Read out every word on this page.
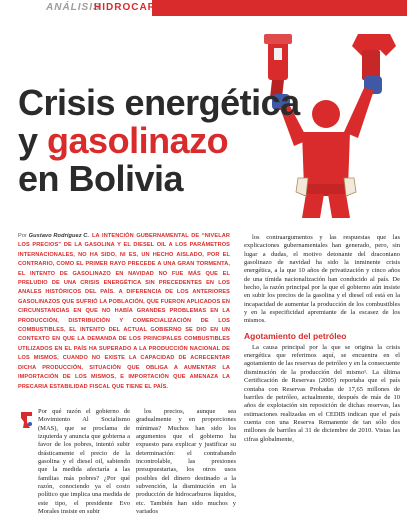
ANÁLISIS
HIDROCARBUROS
Crisis energética
y gasolinazo
en Bolivia
Por Gustavo Rodríguez C. LA INTENCIÓN GUBERNAMENTAL DE “NIVELAR LOS PRECIOS” DE LA GASOLINA Y EL DIESEL OIL A LOS PARÁMETROS INTERNACIONALES, NO HA SIDO, NI ES, UN HECHO AISLADO, POR EL CONTRARIO, COMO EL PRIMER RAYO PRECEDE A UNA GRAN TORMENTA, EL INTENTO DE GASOLINAZO EN NAVIDAD NO FUE MÁS QUE EL PRELUDIO DE UNA CRISIS ENERGÉTICA SIN PRECEDENTES EN LOS ANALES HISTÓRICOS DEL PAÍS. A DIFERENCIA DE LOS ANTERIORES GASOLINAZOS QUE SUFRIÓ LA POBLACIÓN, QUE FUERON APLICADOS EN CIRCUNSTANCIAS EN QUE NO HABÍA GRANDES PROBLEMAS EN LA PRODUCCIÓN, DISTRIBUCIÓN Y COMERCIALIZACIÓN DE LOS COMBUSTIBLES, EL INTENTO DEL ACTUAL GOBIERNO SE DIO EN UN CONTEXTO EN QUE LA DEMANDA DE LOS PRINCIPALES COMBUSTIBLES UTILIZADOS EN EL PAÍS HA SUPERADO A LA PRODUCCIÓN NACIONAL DE LOS MISMOS, CUANDO NO EXISTE LA CAPACIDAD DE ACRECENTAR DICHA PRODUCCIÓN, SITUACIÓN QUE OBLIGA A AUMENTAR LA IMPORTACIÓN DE LOS MISMOS, E IMPORTACIÓN QUE AMENAZA LA PRECARIA ESTABILIDAD FISCAL QUE TIENE EL PAÍS.

Por qué razón el gobierno de Movimiento Al Socialismo (MAS), que se proclama de izquierda y anuncia que gobierna a favor de los pobres, intentó subir drásticamente el precio de la gasolina y el diesel oil, sabiendo que la medida afectaría a las familias más pobres? ¿Por qué razón, conociendo ya el costo político que implica una medida de este tipo, el presidente Evo Morales insiste en subir

los precios, aunque sea gradualmente y en proporciones mínimas? Muchos han sido los argumentos que el gobierno ha expuesto para explicar y justificar su determinación: el contrabando incontrolable, las presiones presupuestarias, los otros usos posibles del dinero destinado a la subvención, la disminución en la producción de hidrocarburos líquidos, etc. También han sido muchos y variados

los contraargumentos y las respuestas que las explicaciones gubernamentales han generado, pero, sin lugar a dudas, el motivo detonante del draconiano gasolinazo de navidad ha sido la inminente crisis energética, a la que 10 años de privatización y cinco años de una tímida nacionalización han conducido al país. De hecho, la razón principal por la que el gobierno aún insiste en subir los precios de la gasolina y el diesel oil está en la incapacidad de aumentar la producción de los combustibles y en la especificidad apremiante de la escasez de los mismos.

Agotamiento del petróleo

La causa principal por la que se origina la crisis energética que referimos aquí, se encuentra en el agotamiento de las reservas de petróleo y en la consecuente disminución de la producción del mismo¹. La última Certificación de Reservas (2005) reportaba que el país contaba con Reservas Probadas de 17,65 millones de barriles de petróleo, actualmente, después de más de 10 años de explotación sin reposición de dichas reservas, las estimaciones realizadas en el CEDIB indican que el país cuenta con una Reserva Remanente de tan sólo dos millones de barriles al 31 de diciembre de 2010. Vistas las cifras globalmente,
